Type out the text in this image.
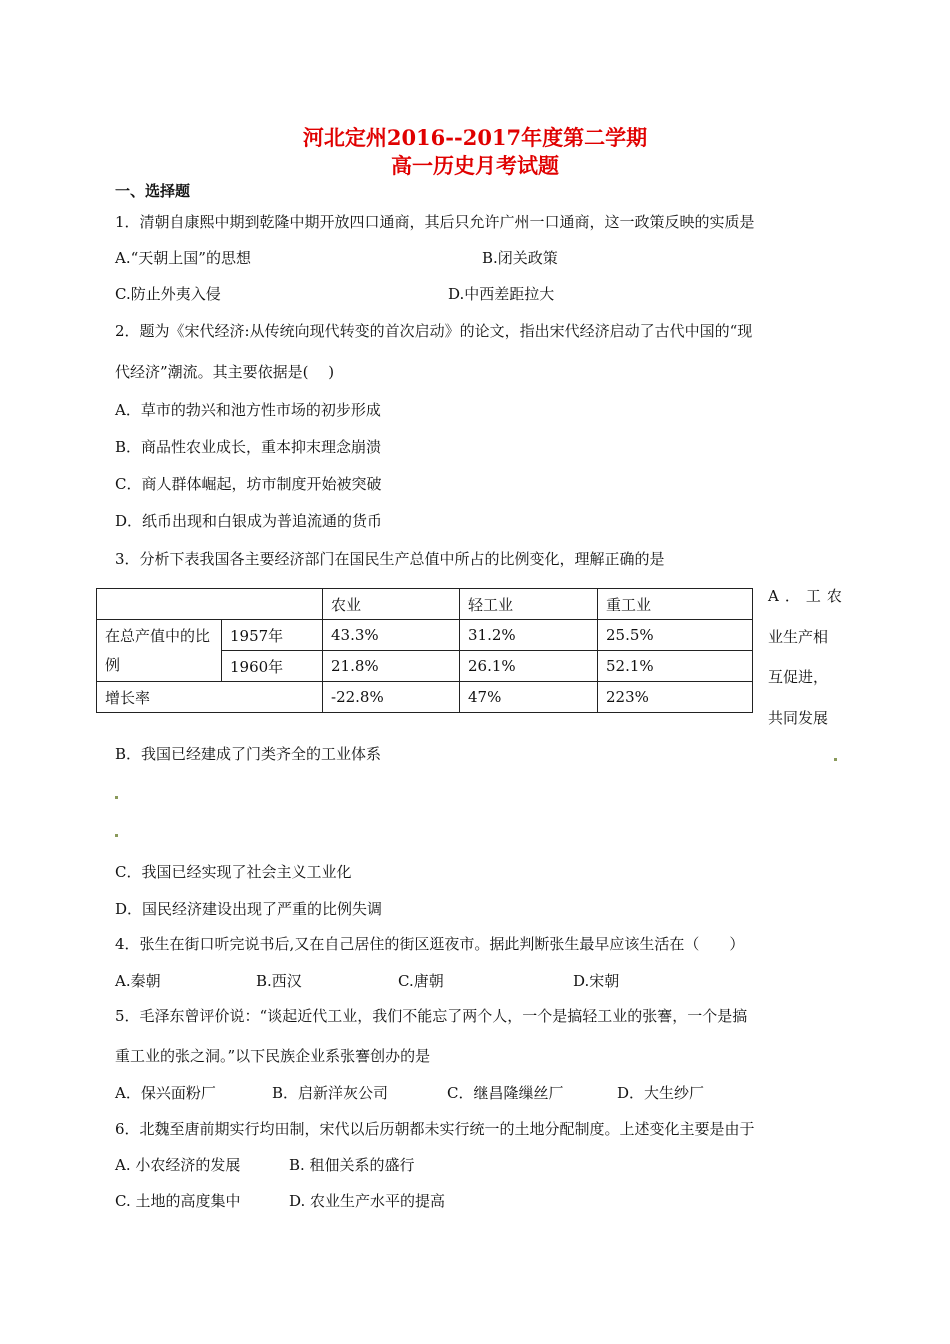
河北定州2016--2017年度第二学期
高一历史月考试题
一、选择题
1．清朝自康熙中期到乾隆中期开放四口通商，其后只允许广州一口通商，这一政策反映的实质是
A.“天朝上国”的思想	B.闭关政策
C.防止外夷入侵	D.中西差距拉大
2．题为《宋代经济:从传统向现代转变的首次启动》的论文，指出宋代经济启动了古代中国的“现
代经济”潮流。其主要依据是(　 )
A．草市的勃兴和池方性市场的初步形成
B．商品性农业成长，重本抑末理念崩溃
C．商人群体崛起，坊市制度开始被突破
D．纸币出现和白银成为普追流通的货币
3．分析下表我国各主要经济部门在国民生产总值中所占的比例变化，理解正确的是
		农业	轻工业	重工业
在总产值中的比例	1957年	43.3%	31.2%	25.5%
	1960年	21.8%	26.1%	52.1%
增长率		-22.8%	47%	223%
A．工农
业生产相
互促进，
共同发展
B．我国已经建成了门类齐全的工业体系
C．我国已经实现了社会主义工业化
D．国民经济建设出现了严重的比例失调
4．张生在街口听完说书后,又在自己居住的街区逛夜市。据此判断张生最早应该生活在（　　）
A.秦朝	B.西汉	C.唐朝	D.宋朝
5．毛泽东曾评价说：“谈起近代工业，我们不能忘了两个人，一个是搞轻工业的张謇，一个是搞
重工业的张之洞。”以下民族企业系张謇创办的是
A．保兴面粉厂	B．启新洋灰公司	C．继昌隆缫丝厂	D．大生纱厂
6．北魏至唐前期实行均田制，宋代以后历朝都未实行统一的土地分配制度。上述变化主要是由于
A. 小农经济的发展	B. 租佃关系的盛行
C. 土地的高度集中	D. 农业生产水平的提高
